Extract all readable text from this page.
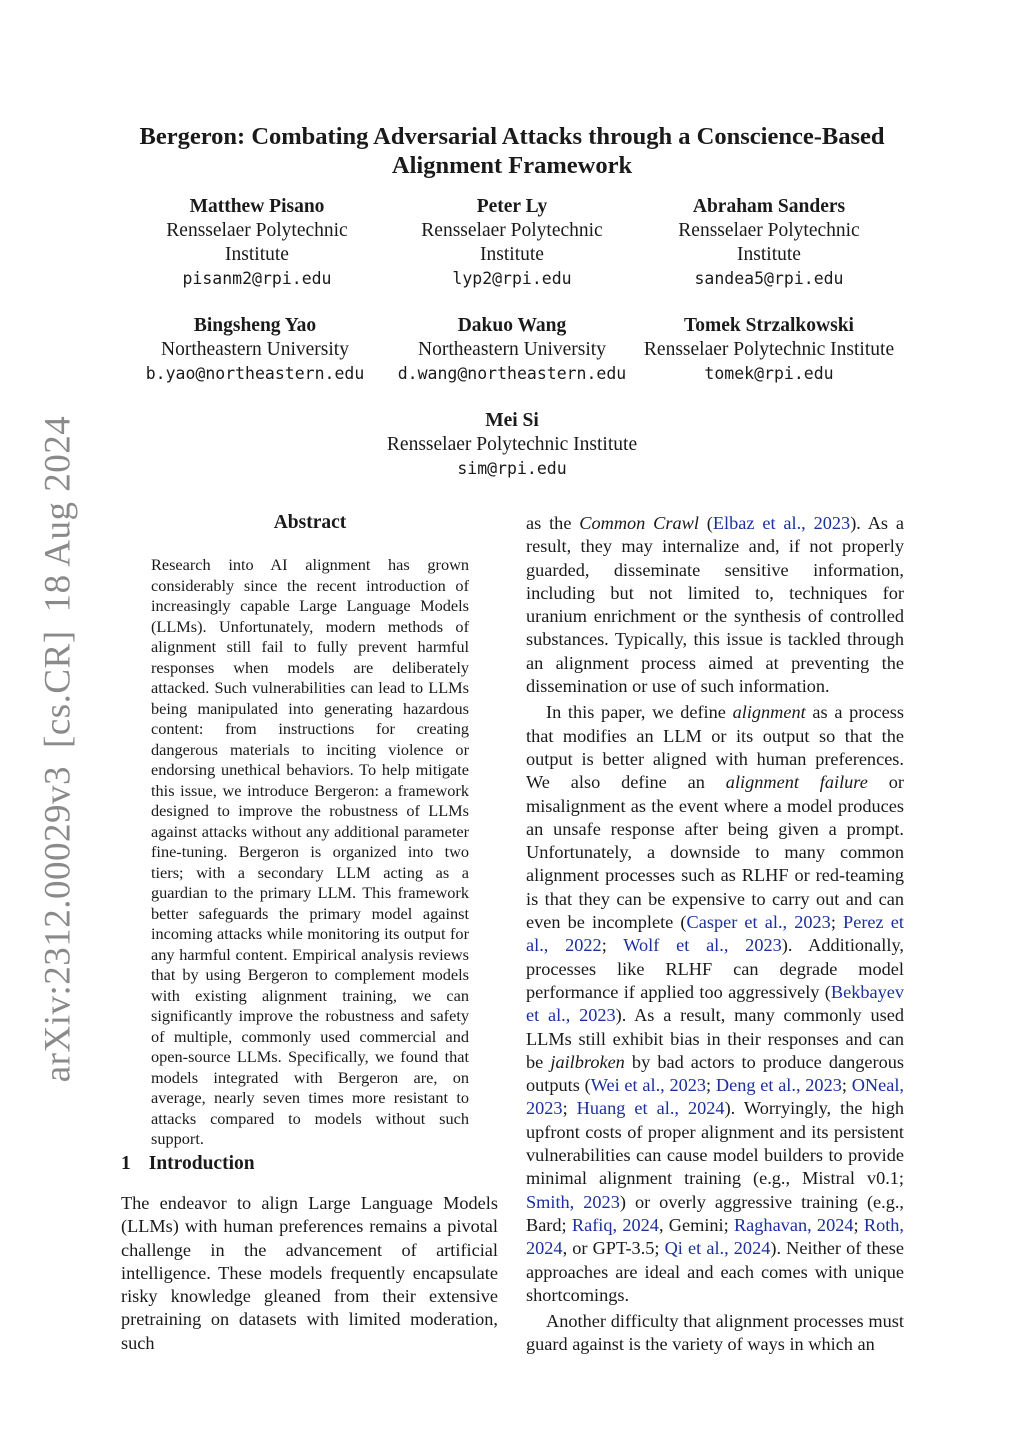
arXiv:2312.00029v3[cs.CR]18 Aug 2024
Bergeron: Combating Adversarial Attacks through a Conscience-Based
Alignment Framework
Matthew Pisano
Rensselaer Polytechnic
Institute
pisanm2@rpi.edu
Peter Ly
Rensselaer Polytechnic
Institute
lyp2@rpi.edu
Abraham Sanders
Rensselaer Polytechnic
Institute
sandea5@rpi.edu
Bingsheng Yao
Northeastern University
b.yao@northeastern.edu
Dakuo Wang
Northeastern University
d.wang@northeastern.edu
Tomek Strzalkowski
Rensselaer Polytechnic Institute
tomek@rpi.edu
Mei Si
Rensselaer Polytechnic Institute
sim@rpi.edu
Abstract

Research into AI alignment has grown considerably since the recent introduction of increasingly capable Large Language Models (LLMs). Unfortunately, modern methods of alignment still fail to fully prevent harmful responses when models are deliberately attacked. Such vulnerabilities can lead to LLMs being manipulated into generating hazardous content: from instructions for creating dangerous materials to inciting violence or endorsing unethical behaviors. To help mitigate this issue, we introduce Bergeron: a framework designed to improve the robustness of LLMs against attacks without any additional parameter fine-tuning. Bergeron is organized into two tiers; with a secondary LLM acting as a guardian to the primary LLM. This framework better safeguards the primary model against incoming attacks while monitoring its output for any harmful content. Empirical analysis reviews that by using Bergeron to complement models with existing alignment training, we can significantly improve the robustness and safety of multiple, commonly used commercial and open-source LLMs. Specifically, we found that models integrated with Bergeron are, on average, nearly seven times more resistant to attacks compared to models without such support.

1 Introduction

The endeavor to align Large Language Models (LLMs) with human preferences remains a pivotal challenge in the advancement of artificial intelligence. These models frequently encapsulate risky knowledge gleaned from their extensive pretraining on datasets with limited moderation, such

as the Common Crawl (Elbaz et al., 2023). As a result, they may internalize and, if not properly guarded, disseminate sensitive information, including but not limited to, techniques for uranium enrichment or the synthesis of controlled substances. Typically, this issue is tackled through an alignment process aimed at preventing the dissemination or use of such information.

In this paper, we define alignment as a process that modifies an LLM or its output so that the output is better aligned with human preferences. We also define an alignment failure or misalignment as the event where a model produces an unsafe response after being given a prompt. Unfortunately, a downside to many common alignment processes such as RLHF or red-teaming is that they can be expensive to carry out and can even be incomplete (Casper et al., 2023; Perez et al., 2022; Wolf et al., 2023). Additionally, processes like RLHF can degrade model performance if applied too aggressively (Bekbayev et al., 2023). As a result, many commonly used LLMs still exhibit bias in their responses and can be jailbroken by bad actors to produce dangerous outputs (Wei et al., 2023; Deng et al., 2023; ONeal, 2023; Huang et al., 2024). Worryingly, the high upfront costs of proper alignment and its persistent vulnerabilities can cause model builders to provide minimal alignment training (e.g., Mistral v0.1; Smith, 2023) or overly aggressive training (e.g., Bard; Rafiq, 2024, Gemini; Raghavan, 2024; Roth, 2024, or GPT-3.5; Qi et al., 2024). Neither of these approaches are ideal and each comes with unique shortcomings.

Another difficulty that alignment processes must guard against is the variety of ways in which an
